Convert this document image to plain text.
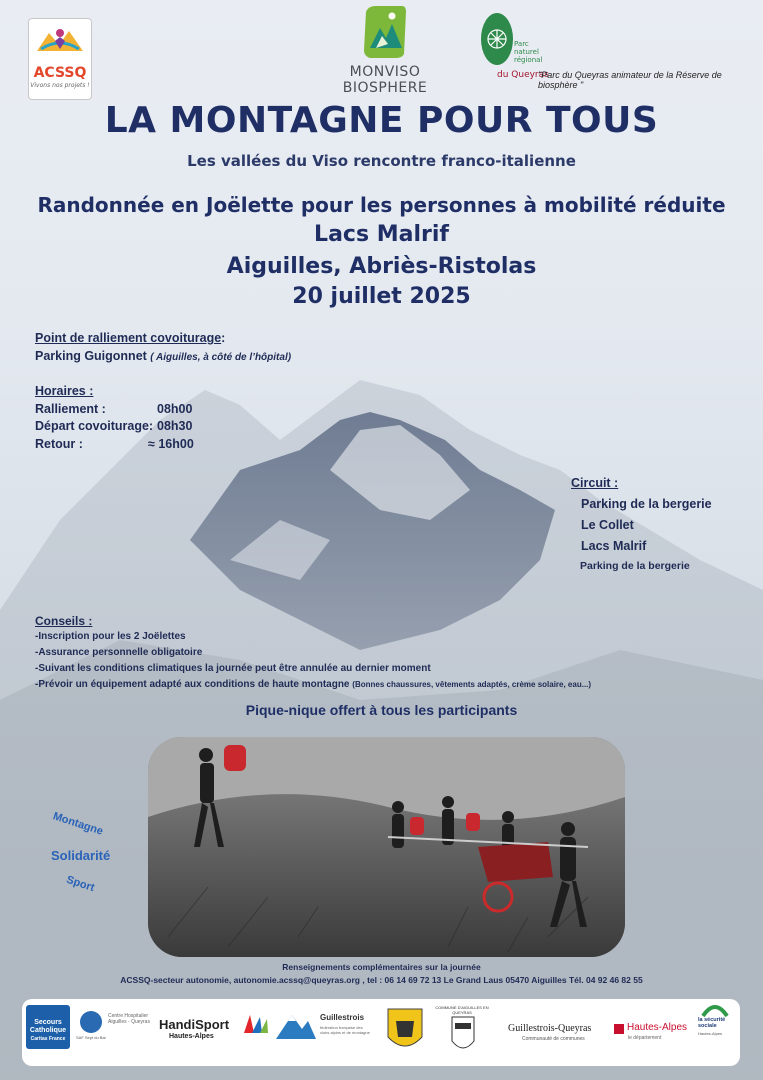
ACSSQ
Vivons nos projets !
MONVISO BIOSPHERE
Parc naturel régional
du Queyras
"Parc du Queyras animateur de la Réserve de biosphère "
LA MONTAGNE POUR TOUS
Les vallées du Viso rencontre franco-italienne
Randonnée en Joëlette pour les personnes à mobilité réduite
Lacs Malrif
Aiguilles, Abriès-Ristolas
20 juillet 2025
Point de ralliement covoiturage:
Parking Guigonnet ( Aiguilles, à côté de l’hôpital)
Horaires :
Ralliement :	08h00
Départ covoiturage: 08h30
Retour :	≈ 16h00
Circuit :
Parking de la bergerie
Le Collet
Lacs Malrif
Parking de la bergerie
Conseils :
-Inscription pour les 2 Joëlettes
-Assurance personnelle obligatoire
-Suivant les conditions climatiques la journée peut être annulée au dernier moment
-Prévoir un équipement adapté aux conditions de haute montagne (Bonnes chaussures, vêtements adaptés, crème solaire, eau...)
Pique-nique offert à tous les participants
Montagne
Solidarité
Sport
Renseignements complémentaires sur la journée
ACSSQ-secteur autonomie, autonomie.acssq@queyras.org , tel : 06 14 69 72 13 Le Grand Laus 05470 Aiguilles Tél. 04 92 46 82 55
Secours
Catholique
Caritas France	SAF Sept du Bal
Centre Hospitalier Aiguilles - Queyras HandiSport
Hautes-Alpes
Guillestrois
fédération française des clubs alpins et de montagne
COMMUNE D'AIGUILLES EN QUEYRAS
Guillestrois-Queyras
Communauté de communes
Hautes-Alpes
le département
la sécurité sociale
Hautes-Alpes
